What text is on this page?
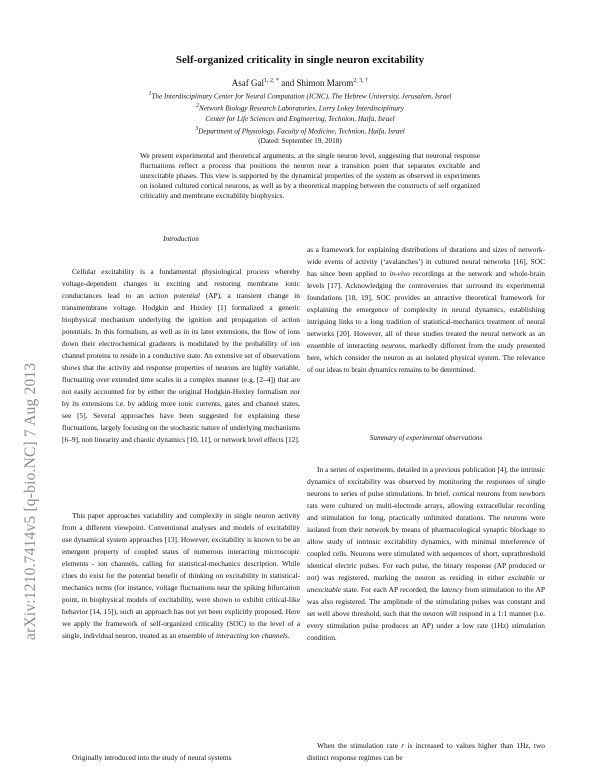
arXiv:1210.7414v5 [q-bio.NC] 7 Aug 2013
Self-organized criticality in single neuron excitability
Asaf Gal$^{1, 2, *}$ and Shimon Marom$^{2, 3, \dagger}$
$^1$The Interdisciplinary Center for Neural Computation (ICNC), The Hebrew University, Jerusalem, Israel
$^2$Network Biology Research Laboratories, Lorry Lokey Interdisciplinary
Center for Life Sciences and Engineering, Technion, Haifa, Israel
$^3$Department of Physiology, Faculty of Medicine, Technion, Haifa, Israel
(Dated: September 19, 2018)
We present experimental and theoretical arguments, at the single neuron level, suggesting that neuronal response fluctuations reflect a process that positions the neuron near a transition point that separates excitable and unexcitable phases. This view is supported by the dynamical properties of the system as observed in experiments on isolated cultured cortical neurons, as well as by a theoretical mapping between the constructs of self organized criticality and membrane excitability biophysics.
Introduction

Cellular excitability is a fundamental physiological process whereby voltage-dependent changes in exciting and restoring membrane ionic conductances lead to an action potential (AP), a transient change in transmembrane voltage. Hodgkin and Huxley [1] formalized a generic biophysical mechanism underlying the ignition and propagation of action potentials. In this formalism, as well as in its later extensions, the flow of ions down their electrochemical gradients is modulated by the probability of ion channel proteins to reside in a conductive state. An extensive set of observations shows that the activity and response properties of neurons are highly variable, fluctuating over extended time scales in a complex manner (e.g. [2–4]) that are not easily accounted for by either the original Hodgkin-Huxley formalism nor by its extensions i.e. by adding more ionic currents, gates and channel states, see [5]. Several approaches have been suggested for explaining these fluctuations, largely focusing on the stochastic nature of underlying mechanisms [6–9], non linearity and chaotic dynamics [10, 11], or network level effects [12].

This paper approaches variability and complexity in single neuron activity from a different viewpoint. Conventional analyses and models of excitability use dynamical system approaches [13]. However, excitability is known to be an emergent property of coupled states of numerous interacting microscopic elements - ion channels, calling for statistical-mechanics description. While clues do exist for the potential benefit of thinking on excitability in statistical-mechanics terms (for instance, voltage fluctuations near the spiking bifurcation point, in biophysical models of excitability, were shown to exhibit critical-like behavior [14, 15]), such an approach has not yet been explicitly proposed. Here we apply the framework of self-organized criticality (SOC) to the level of a single, individual neuron, treated as an ensemble of interacting ion channels.

Originally introduced into the study of neural systems

as a framework for explaining distributions of durations and sizes of network-wide events of activity (‘avalanches’) in cultured neural networks [16], SOC has since been applied to in-vivo recordings at the network and whole-brain levels [17]. Acknowledging the controversies that surround its experimental foundations [18, 19], SOC provides an attractive theoretical framework for explaining the emergence of complexity in neural dynamics, establishing intriguing links to a long tradition of statistical-mechanics treatment of neural networks [20]. However, all of these studies treated the neural network as an ensemble of interacting neurons, markedly different from the study presented here, which consider the neuron as an isolated physical system. The relevance of our ideas to brain dynamics remains to be determined.

Summary of experimental observations

In a series of experiments, detailed in a previous publication [4], the intrinsic dynamics of excitability was observed by monitoring the responses of single neurons to series of pulse stimulations. In brief, cortical neurons from newborn rats were cultured on multi-electrode arrays, allowing extracellular recording and stimulation for long, practically unlimited durations. The neurons were isolated from their network by means of pharmacological synaptic blockage to allow study of intrinsic excitability dynamics, with minimal interference of coupled cells. Neurons were stimulated with sequences of short, suprathreshold identical electric pulses. For each pulse, the binary response (AP produced or not) was registered, marking the neuron as residing in either excitable or unexcitable state. For each AP recorded, the latency from stimulation to the AP was also registered. The amplitude of the stimulating pulses was constant and set well above threshold, such that the neuron will respond in a 1:1 manner (i.e. every stimulation pulse produces an AP) under a low rate (1Hz) stimulation condition.

When the stimulation rate r is increased to values higher than 1Hz, two distinct response regimes can be
